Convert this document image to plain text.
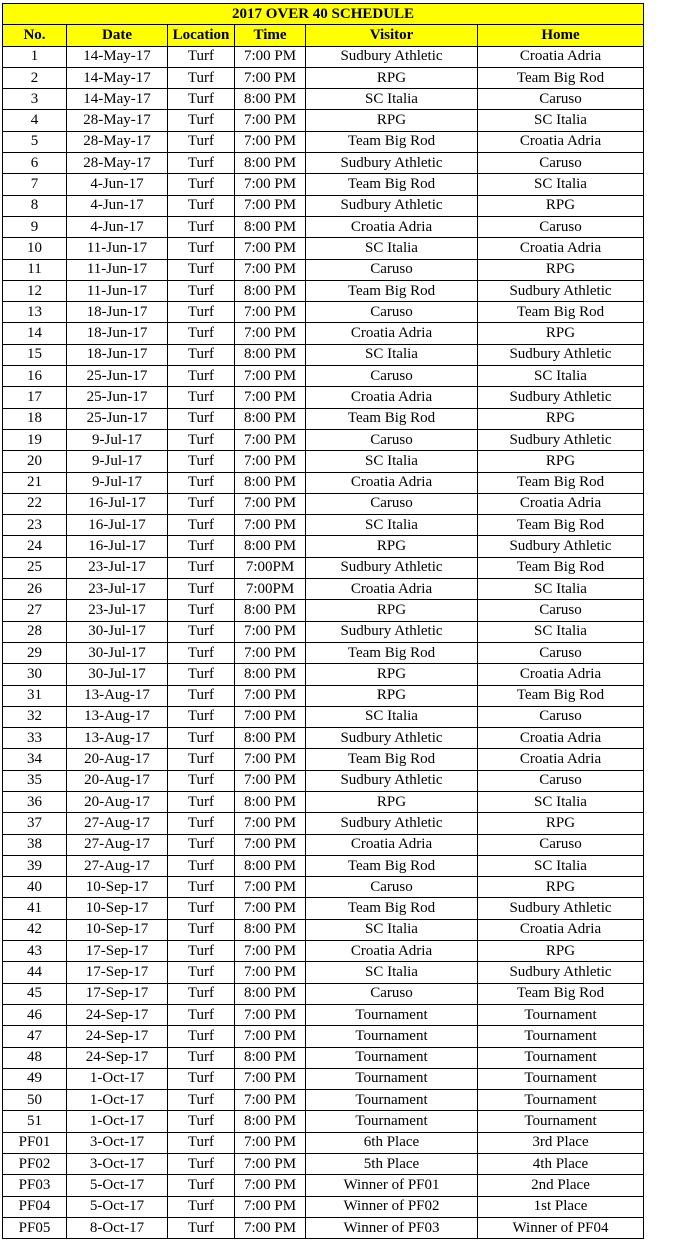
2017 OVER 40 SCHEDULE					
No.	Date	Location	Time	Visitor	Home
1	14-May-17	Turf	7:00 PM	Sudbury Athletic	Croatia Adria
2	14-May-17	Turf	7:00 PM	RPG	Team Big Rod
3	14-May-17	Turf	8:00 PM	SC Italia	Caruso
4	28-May-17	Turf	7:00 PM	RPG	SC Italia
5	28-May-17	Turf	7:00 PM	Team Big Rod	Croatia Adria
6	28-May-17	Turf	8:00 PM	Sudbury Athletic	Caruso
7	4-Jun-17	Turf	7:00 PM	Team Big Rod	SC Italia
8	4-Jun-17	Turf	7:00 PM	Sudbury Athletic	RPG
9	4-Jun-17	Turf	8:00 PM	Croatia Adria	Caruso
10	11-Jun-17	Turf	7:00 PM	SC Italia	Croatia Adria
11	11-Jun-17	Turf	7:00 PM	Caruso	RPG
12	11-Jun-17	Turf	8:00 PM	Team Big Rod	Sudbury Athletic
13	18-Jun-17	Turf	7:00 PM	Caruso	Team Big Rod
14	18-Jun-17	Turf	7:00 PM	Croatia Adria	RPG
15	18-Jun-17	Turf	8:00 PM	SC Italia	Sudbury Athletic
16	25-Jun-17	Turf	7:00 PM	Caruso	SC Italia
17	25-Jun-17	Turf	7:00 PM	Croatia Adria	Sudbury Athletic
18	25-Jun-17	Turf	8:00 PM	Team Big Rod	RPG
19	9-Jul-17	Turf	7:00 PM	Caruso	Sudbury Athletic
20	9-Jul-17	Turf	7:00 PM	SC Italia	RPG
21	9-Jul-17	Turf	8:00 PM	Croatia Adria	Team Big Rod
22	16-Jul-17	Turf	7:00 PM	Caruso	Croatia Adria
23	16-Jul-17	Turf	7:00 PM	SC Italia	Team Big Rod
24	16-Jul-17	Turf	8:00 PM	RPG	Sudbury Athletic
25	23-Jul-17	Turf	7:00PM	Sudbury Athletic	Team Big Rod
26	23-Jul-17	Turf	7:00PM	Croatia Adria	SC Italia
27	23-Jul-17	Turf	8:00 PM	RPG	Caruso
28	30-Jul-17	Turf	7:00 PM	Sudbury Athletic	SC Italia
29	30-Jul-17	Turf	7:00 PM	Team Big Rod	Caruso
30	30-Jul-17	Turf	8:00 PM	RPG	Croatia Adria
31	13-Aug-17	Turf	7:00 PM	RPG	Team Big Rod
32	13-Aug-17	Turf	7:00 PM	SC Italia	Caruso
33	13-Aug-17	Turf	8:00 PM	Sudbury Athletic	Croatia Adria
34	20-Aug-17	Turf	7:00 PM	Team Big Rod	Croatia Adria
35	20-Aug-17	Turf	7:00 PM	Sudbury Athletic	Caruso
36	20-Aug-17	Turf	8:00 PM	RPG	SC Italia
37	27-Aug-17	Turf	7:00 PM	Sudbury Athletic	RPG
38	27-Aug-17	Turf	7:00 PM	Croatia Adria	Caruso
39	27-Aug-17	Turf	8:00 PM	Team Big Rod	SC Italia
40	10-Sep-17	Turf	7:00 PM	Caruso	RPG
41	10-Sep-17	Turf	7:00 PM	Team Big Rod	Sudbury Athletic
42	10-Sep-17	Turf	8:00 PM	SC Italia	Croatia Adria
43	17-Sep-17	Turf	7:00 PM	Croatia Adria	RPG
44	17-Sep-17	Turf	7:00 PM	SC Italia	Sudbury Athletic
45	17-Sep-17	Turf	8:00 PM	Caruso	Team Big Rod
46	24-Sep-17	Turf	7:00 PM	Tournament	Tournament
47	24-Sep-17	Turf	7:00 PM	Tournament	Tournament
48	24-Sep-17	Turf	8:00 PM	Tournament	Tournament
49	1-Oct-17	Turf	7:00 PM	Tournament	Tournament
50	1-Oct-17	Turf	7:00 PM	Tournament	Tournament
51	1-Oct-17	Turf	8:00 PM	Tournament	Tournament
PF01	3-Oct-17	Turf	7:00 PM	6th Place	3rd Place
PF02	3-Oct-17	Turf	7:00 PM	5th Place	4th Place
PF03	5-Oct-17	Turf	7:00 PM	Winner of PF01	2nd Place
PF04	5-Oct-17	Turf	7:00 PM	Winner of PF02	1st Place
PF05	8-Oct-17	Turf	7:00 PM	Winner of PF03	Winner of PF04
